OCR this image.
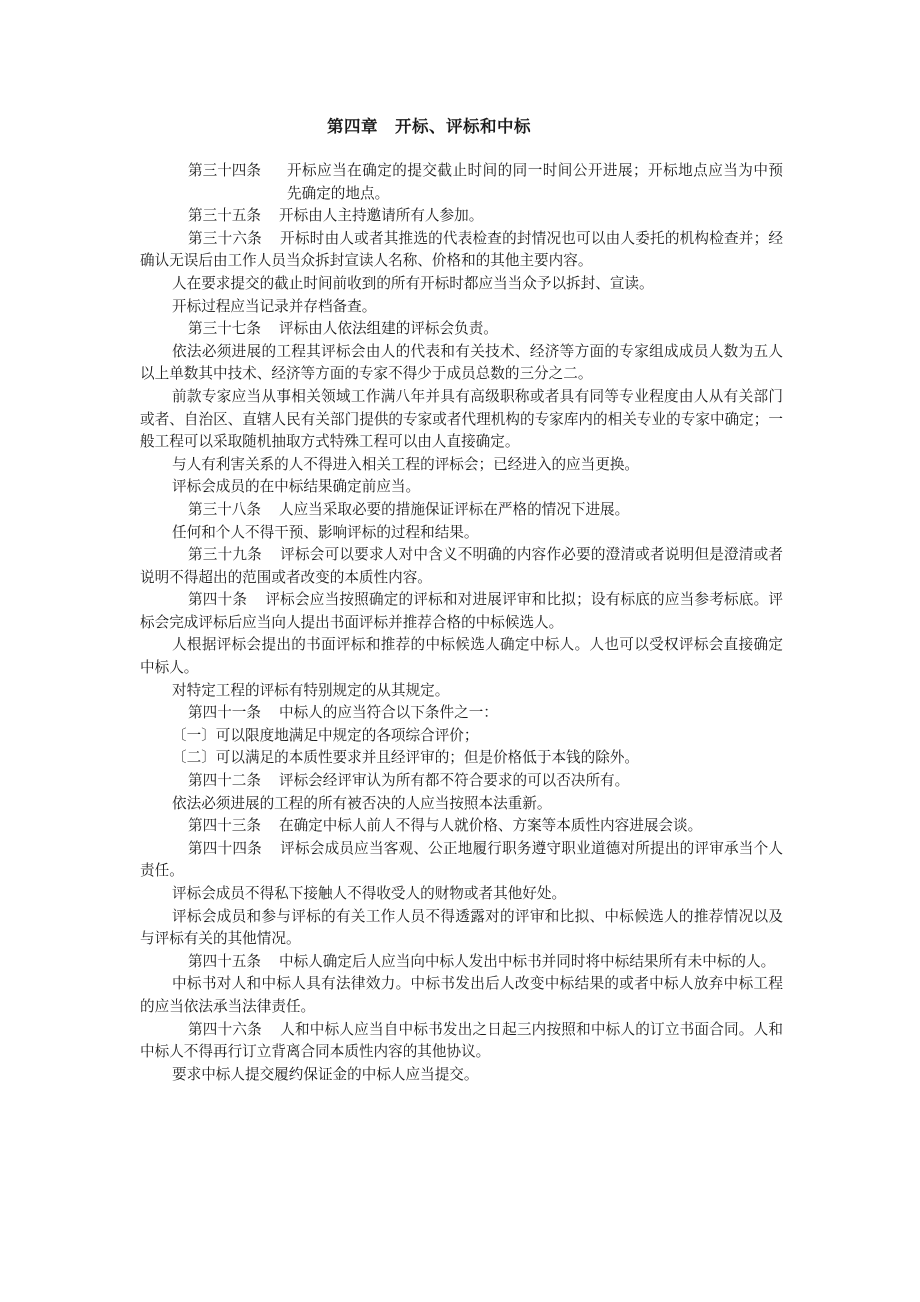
第四章　开标、评标和中标
第三十四条	开标应当在确定的提交截止时间的同一时间公开进展；开标地点应当为中预先确定的地点。

第三十五条 开标由人主持邀请所有人参加。

第三十六条 开标时由人或者其推选的代表检查的封情况也可以由人委托的机构检查并；经确认无误后由工作人员当众拆封宣读人名称、价格和的其他主要内容。

人在要求提交的截止时间前收到的所有开标时都应当当众予以拆封、宣读。

开标过程应当记录并存档备查。

第三十七条 评标由人依法组建的评标会负责。

依法必须进展的工程其评标会由人的代表和有关技术、经济等方面的专家组成成员人数为五人以上单数其中技术、经济等方面的专家不得少于成员总数的三分之二。

前款专家应当从事相关领域工作满八年并具有高级职称或者具有同等专业程度由人从有关部门或者、自治区、直辖人民有关部门提供的专家或者代理机构的专家库内的相关专业的专家中确定；一般工程可以采取随机抽取方式特殊工程可以由人直接确定。

与人有利害关系的人不得进入相关工程的评标会；已经进入的应当更换。

评标会成员的在中标结果确定前应当。

第三十八条 人应当采取必要的措施保证评标在严格的情况下进展。

任何和个人不得干预、影响评标的过程和结果。

第三十九条 评标会可以要求人对中含义不明确的内容作必要的澄清或者说明但是澄清或者说明不得超出的范围或者改变的本质性内容。

第四十条 评标会应当按照确定的评标和对进展评审和比拟；设有标底的应当参考标底。评标会完成评标后应当向人提出书面评标并推荐合格的中标候选人。

人根据评标会提出的书面评标和推荐的中标候选人确定中标人。人也可以受权评标会直接确定中标人。

对特定工程的评标有特别规定的从其规定。

第四十一条 中标人的应当符合以下条件之一：

〔一〕可以限度地满足中规定的各项综合评价；

〔二〕可以满足的本质性要求并且经评审的；但是价格低于本钱的除外。

第四十二条 评标会经评审认为所有都不符合要求的可以否决所有。

依法必须进展的工程的所有被否决的人应当按照本法重新。

第四十三条 在确定中标人前人不得与人就价格、方案等本质性内容进展会谈。

第四十四条 评标会成员应当客观、公正地履行职务遵守职业道德对所提出的评审承当个人责任。

评标会成员不得私下接触人不得收受人的财物或者其他好处。

评标会成员和参与评标的有关工作人员不得透露对的评审和比拟、中标候选人的推荐情况以及与评标有关的其他情况。

第四十五条 中标人确定后人应当向中标人发出中标书并同时将中标结果所有未中标的人。

中标书对人和中标人具有法律效力。中标书发出后人改变中标结果的或者中标人放弃中标工程的应当依法承当法律责任。

第四十六条 人和中标人应当自中标书发出之日起三内按照和中标人的订立书面合同。人和中标人不得再行订立背离合同本质性内容的其他协议。

要求中标人提交履约保证金的中标人应当提交。
